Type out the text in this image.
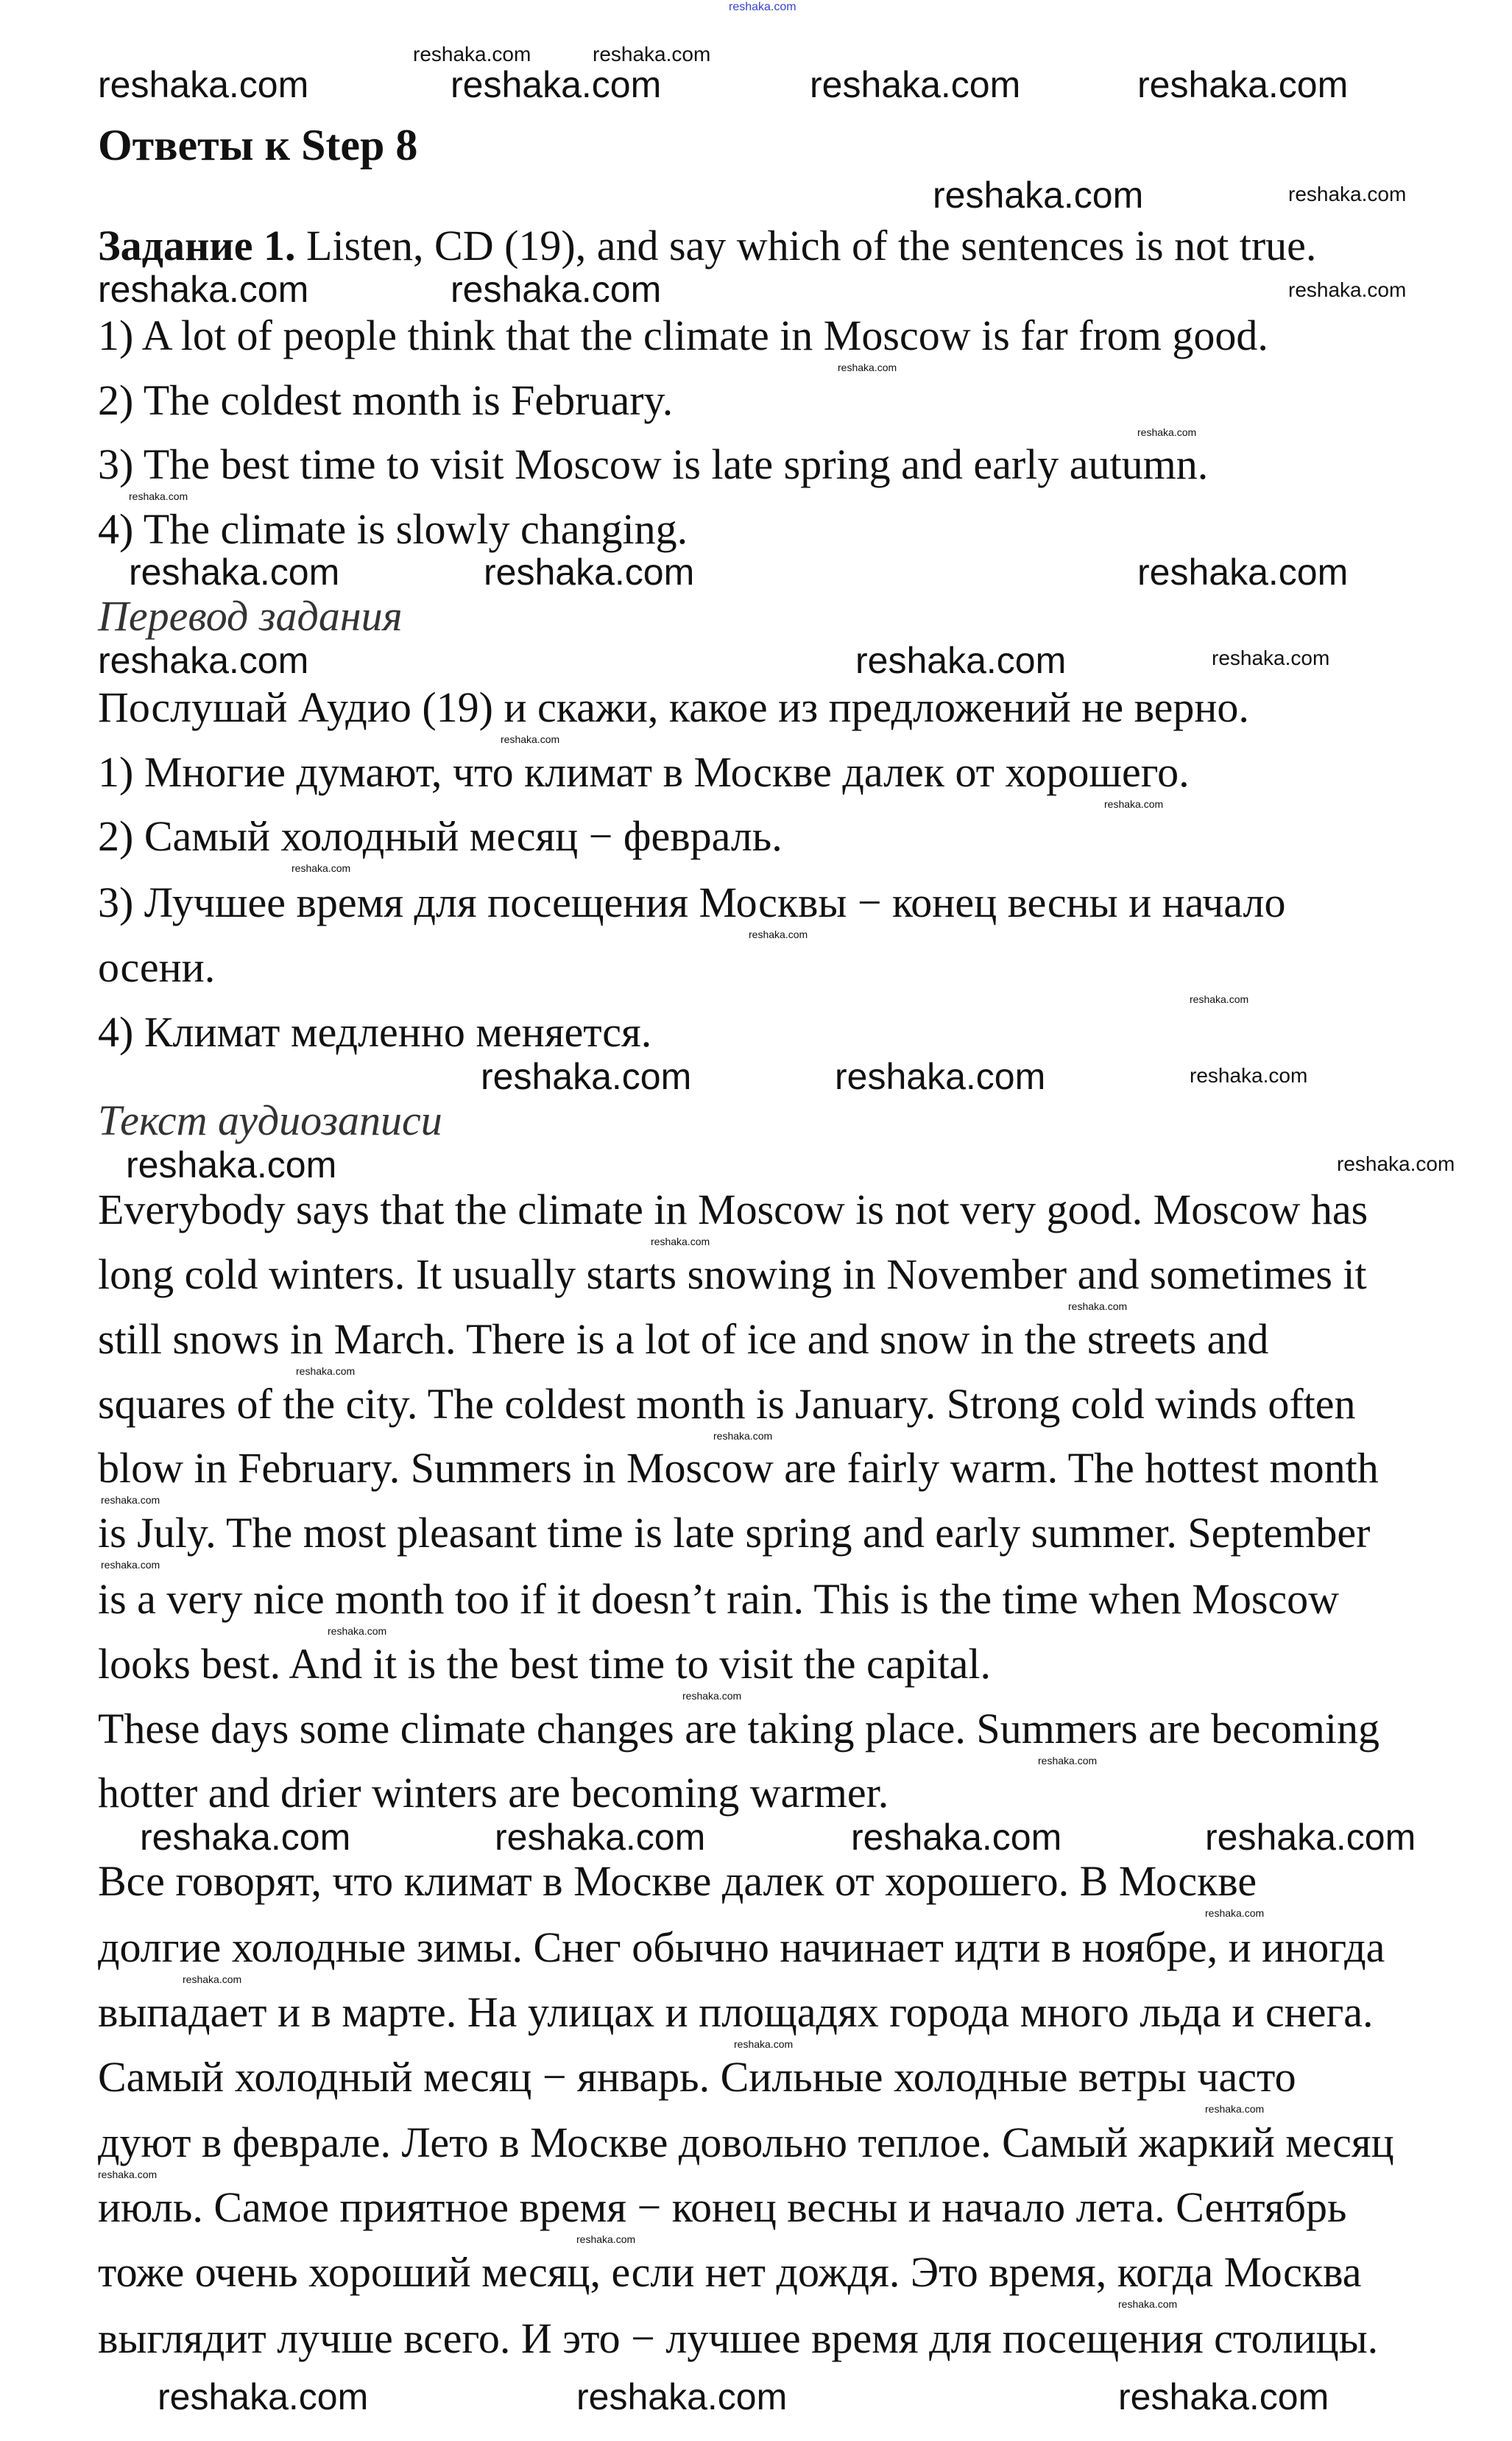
reshaka.com
Ответы к Step 8
Задание 1. Listen, CD (19), and say which of the sentences is not true.
1) A lot of people think that the climate in Moscow is far from good.
2) The coldest month is February.
3) The best time to visit Moscow is late spring and early autumn.
4) The climate is slowly changing.
Перевод задания
Послушай Аудио (19) и скажи, какое из предложений не верно.
1) Многие думают, что климат в Москве далек от хорошего.
2) Самый холодный месяц − февраль.
3) Лучшее время для посещения Москвы − конец весны и начало
осени.
4) Климат медленно меняется.
Текст аудиозаписи
Everybody says that the climate in Moscow is not very good. Moscow has
long cold winters. It usually starts snowing in November and sometimes it
still snows in March. There is a lot of ice and snow in the streets and
squares of the city. The coldest month is January. Strong cold winds often
blow in February. Summers in Moscow are fairly warm. The hottest month
is July. The most pleasant time is late spring and early summer. September
is a very nice month too if it doesn’t rain. This is the time when Moscow
looks best. And it is the best time to visit the capital.
These days some climate changes are taking place. Summers are becoming
hotter and drier winters are becoming warmer.
Все говорят, что климат в Москве далек от хорошего. В Москве
долгие холодные зимы. Снег обычно начинает идти в ноябре, и иногда
выпадает и в марте. На улицах и площадях города много льда и снега.
Самый холодный месяц − январь. Сильные холодные ветры часто
дуют в феврале. Лето в Москве довольно теплое. Самый жаркий месяц
июль. Самое приятное время − конец весны и начало лета. Сентябрь
тоже очень хороший месяц, если нет дождя. Это время, когда Москва
выглядит лучше всего. И это − лучшее время для посещения столицы.
reshaka.com	reshaka.com
reshaka.com	reshaka.com	reshaka.com	reshaka.com
reshaka.com
reshaka.com
reshaka.com	reshaka.com	reshaka.com
reshaka.com	reshaka.com	reshaka.com
reshaka.com	reshaka.com
reshaka.com
reshaka.com	reshaka.com	reshaka.com
reshaka.com	reshaka.com
reshaka.com	reshaka.com	reshaka.com	reshaka.com
reshaka.com	reshaka.com	reshaka.com
reshaka.com
reshaka.com
reshaka.com
reshaka.com
reshaka.com
reshaka.com
reshaka.com
reshaka.com
reshaka.com
reshaka.com
reshaka.com
reshaka.com
reshaka.com
reshaka.com
reshaka.com
reshaka.com
reshaka.com
reshaka.com
reshaka.com
reshaka.com
reshaka.com
reshaka.com
reshaka.com
reshaka.com
